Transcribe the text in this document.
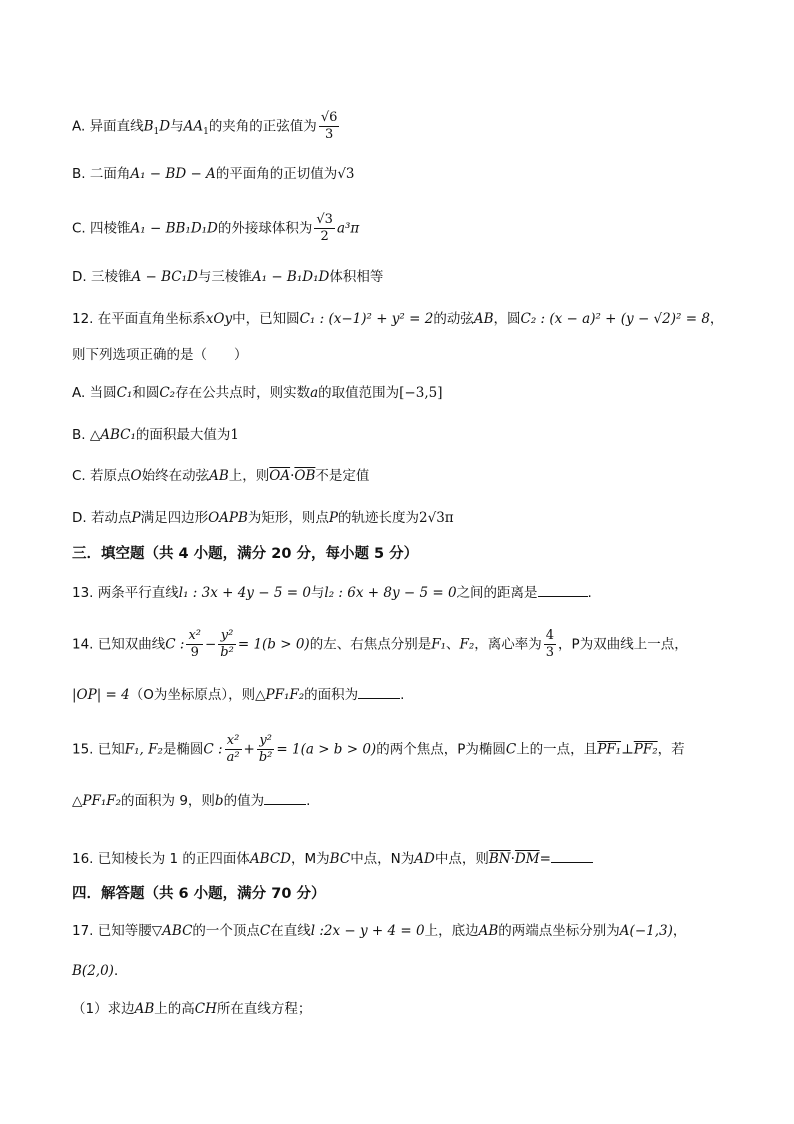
A. 异面直线$B_1D$与$AA_1$的夹角的正弦值为 $\frac{√6}{3}$
B. 二面角A₁ − BD − A的平面角的正切值为√3
C. 四棱锥A₁ − BB₁D₁D的外接球体积为 $\frac{√3}{2} a^3\pi$
D. 三棱锥A − BC₁D与三棱锥A₁ − B₁D₁D体积相等
12. 在平面直角坐标系xOy中，已知圆C₁ : (x−1)² + y² = 2的动弦AB，圆C₂ : (x − a)² + (y − √2)² = 8，
则下列选项正确的是（　　）
A. 当圆C₁和圆C₂存在公共点时，则实数a的取值范围为[−3,5]
B. △ABC₁的面积最大值为1
C. 若原点O始终在动弦AB上，则$\overline{OA}\cdot\overline{OB}$不是定值
D. 若动点P满足四边形OAPB为矩形，则点P的轨迹长度为2√3π
三．填空题（共 4 小题，满分 20 分，每小题 5 分）
13. 两条平行直线l₁ : 3x + 4y − 5 = 0与l₂ : 6x + 8y − 5 = 0之间的距离是	.
14. 已知双曲线C : $\frac{\text{x²}}{9} - \frac{\text{y²}}{\text{b²}} = 1(b > 0)$的左、右焦点分别是F₁、F₂，离心率为 $\frac{4}{3}$ ，P为双曲线上一点，
|OP| = 4（O为坐标原点），则△PF₁F₂的面积为	.
15. 已知F₁, F₂是椭圆C : $\frac{\text{x²}}{\text{a²}} + \frac{\text{y²}}{\text{b²}} = 1(a > b > 0)$的两个焦点，P为椭圆C上的一点，且PF₁⊥PF₂，若
△PF₁F₂的面积为 9，则b的值为	.
16. 已知棱长为 1 的正四面体ABCD，M为BC中点，N为AD中点，则$\overline{BN}\cdot\overline{DM}=$
四．解答题（共 6 小题，满分 70 分）
17. 已知等腰▽ABC的一个顶点C在直线l :2x − y + 4 = 0上，底边AB的两端点坐标分别为A(−1,3)，
B(2,0)．
（1）求边AB上的高CH所在直线方程；
